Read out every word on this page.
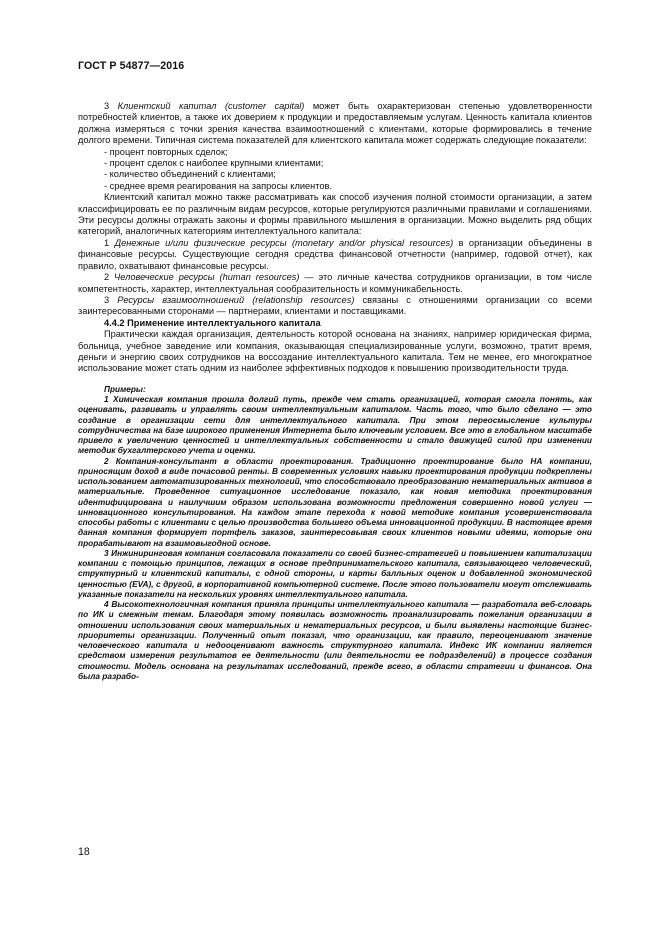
ГОСТ Р 54877—2016

3 Клиентский капитал (customer capital) может быть охарактеризован степенью удовлетворенности потребностей клиентов, а также их доверием к продукции и предоставляемым услугам. Ценность капитала клиентов должна измеряться с точки зрения качества взаимоотношений с клиентами, которые формировались в течение долгого времени. Типичная система показателей для клиентского капитала может содержать следующие показатели:

- процент повторных сделок;
- процент сделок с наиболее крупными клиентами;
- количество объединений с клиентами;
- среднее время реагирования на запросы клиентов.

Клиентский капитал можно также рассматривать как способ изучения полной стоимости организации, а затем классифицировать ее по различным видам ресурсов, которые регулируются различными правилами и соглашениями. Эти ресурсы должны отражать законы и формы правильного мышления в организации. Можно выделить ряд общих категорий, аналогичных категориям интеллектуального капитала:

1 Денежные и/или физические ресурсы (monetary and/or physical resources) в организации объединены в финансовые ресурсы. Существующие сегодня средства финансовой отчетности (например, годовой отчет), как правило, охватывают финансовые ресурсы.

2 Человеческие ресурсы (human resources) — это личные качества сотрудников организации, в том числе компетентность, характер, интеллектуальная сообразительность и коммуникабельность.

3 Ресурсы взаимоотношений (relationship resources) связаны с отношениями организации со всеми заинтересованными сторонами — партнерами, клиентами и поставщиками.

4.4.2 Применение интеллектуального капитала

Практически каждая организация, деятельность которой основана на знаниях, например юридическая фирма, больница, учебное заведение или компания, оказывающая специализированные услуги, возможно, тратит время, деньги и энергию своих сотрудников на воссоздание интеллектуального капитала. Тем не менее, его многократное использование может стать одним из наиболее эффективных подходов к повышению производительности труда.

Примеры:

1 Химическая компания прошла долгий путь, прежде чем стать организацией, которая смогла понять, как оценивать, развивать и управлять своим интеллектуальным капиталом. Часть того, что было сделано — это создание в организации сети для интеллектуального капитала. При этом переосмысление культуры сотрудничества на базе широкого применения Интернета было ключевым условием. Все это в глобальном масштабе привело к увеличению ценностей и интеллектуальных собственности и стало движущей силой при изменении методик бухгалтерского учета и оценки.

2 Компания-консультант в области проектирования. Традиционно проектирование было НА компании, приносящим доход в виде почасовой ренты. В современных условиях навыки проектирования продукции подкреплены использованием автоматизированных технологий, что способствовало преобразованию нематериальных активов в материальные. Проведенное ситуационное исследование показало, как новая методика проектирования идентифицирована и наилучшим образом использована возможности предложения совершенно новой услуги — инновационного консультирования. На каждом этапе перехода к новой методике компания усовершенствовала способы работы с клиентами с целью производства большего объема инновационной продукции. В настоящее время данная компания формирует портфель заказов, заинтересовывая своих клиентов новыми идеями, которые они прорабатывают на взаимовыгодной основе.

3 Инжиниринговая компания согласовала показатели со своей бизнес-стратегией и повышением капитализации компании с помощью принципов, лежащих в основе предпринимательского капитала, связывающего человеческий, структурный и клиентский капиталы, с одной стороны, и карты балльных оценок и добавленной экономической ценностью (EVA), с другой, в корпоративной компьютерной системе. После этого пользователи могут отслеживать указанные показатели на нескольких уровнях интеллектуального капитала.

4 Высокотехнологичная компания приняла принципы интеллектуального капитала — разработала веб-словарь по ИК и смежным темам. Благодаря этому появилась возможность проанализировать пожелания организации в отношении использования своих материальных и нематериальных ресурсов, и были выявлены настоящие бизнес-приоритеты организации. Полученный опыт показал, что организации, как правило, переоценивают значение человеческого капитала и недооценивают важность структурного капитала. Индекс ИК компании является средством измерения результатов ее деятельности (или деятельности ее подразделений) в процессе создания стоимости. Модель основана на результатах исследований, прежде всего, в области стратегии и финансов. Она была разрабо-

18
